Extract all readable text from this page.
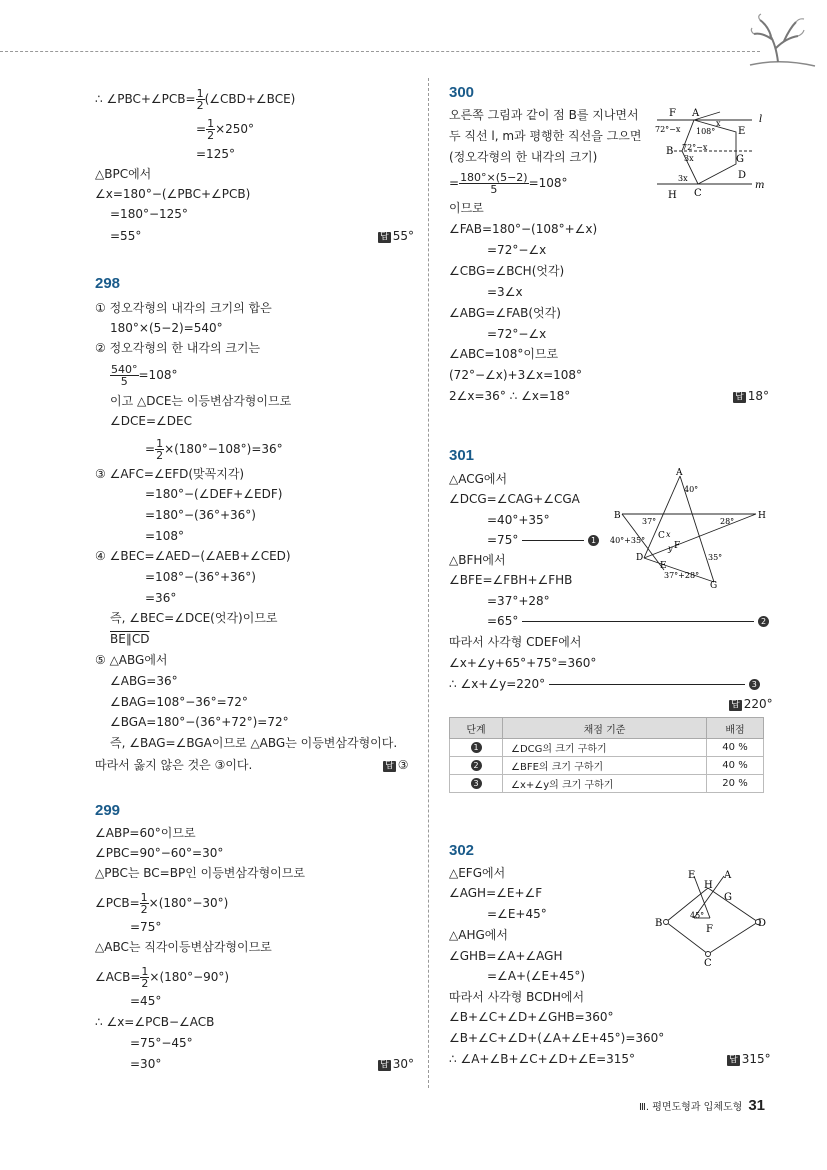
∴ ∠PBC+∠PCB= $\frac{1}{2}$ (∠CBD+∠BCE)
= $\frac{1}{2} \times 250^\circ$
=125°
△BPC에서
∠x=180°−(∠PBC+∠PCB)
=180°−125°
=55°	답 55°
298
① 정오각형의 내각의 크기의 합은
180°×(5−2)=540°
② 정오각형의 한 내각의 크기는
$\frac{540^\circ}{5} =108^\circ$
이고 △DCE는 이등변삼각형이므로
∠DCE=∠DEC
= $\frac{1}{2} \times(180^\circ-108^\circ)=36^\circ$
③ ∠AFC=∠EFD(맞꼭지각)
=180°−(∠DEF+∠EDF)
=180°−(36°+36°)
=108°
④ ∠BEC=∠AED−(∠AEB+∠CED)
=108°−(36°+36°)
=36°
즉, ∠BEC=∠DCE(엇각)이므로
BE∥CD
⑤ △ABG에서
∠ABG=36°
∠BAG=108°−36°=72°
∠BGA=180°−(36°+72°)=72°
즉, ∠BAG=∠BGA이므로 △ABG는 이등변삼각형이다.
따라서 옳지 않은 것은 ③이다.	답 ③
299
∠ABP=60°이므로
∠PBC=90°−60°=30°
△PBC는 BC=BP인 이등변삼각형이므로
∠PCB= $\frac{1}{2} \times(180^\circ-30^\circ)$
=75°
△ABC는 직각이등변삼각형이므로
∠ACB= $\frac{1}{2} \times(180^\circ-90^\circ)$
=45°
∴ ∠x=∠PCB−∠ACB
=75°−45°
=30°	답 30°
300
오른쪽 그림과 같이 점 B를 지나면서
두 직선 l, m과 평행한 직선을 그으면
(정오각형의 한 내각의 크기)
= $\frac{180^\circ\times(5-2)}{5} =108^\circ$
이므로
∠FAB=180°−(108°+∠x)
=72°−∠x
∠CBG=∠BCH(엇각)
=3∠x
∠ABG=∠FAB(엇각)
=72°−∠x
∠ABC=108°이므로
(72°−∠x)+3∠x=108°
2∠x=36° ∴ ∠x=18°	답 18°
F A
l
m
E
B
G
D
H C
72°−x 108°
72°−x
3x
3x
x
301
△ACG에서
∠DCG=∠CAG+∠CGA
=40°+35°
=75°	1
△BFH에서
∠BFE=∠FBH+∠FHB
=37°+28°
=65°	2
따라서 사각형 CDEF에서
∠x+∠y+65°+75°=360°
∴ ∠x+∠y=220°	3
답 220°
A
40°
B	H
37°	28°
C x
40°+35°
D
F
y
E
35°
37°+28°
G
단계	채점 기준	배점
1	∠DCG의 크기 구하기	40 %
2	∠BFE의 크기 구하기	40 %
3	∠x+∠y의 크기 구하기	20 %
302
△EFG에서
∠AGH=∠E+∠F
=∠E+45°
△AHG에서
∠GHB=∠A+∠AGH
=∠A+(∠E+45°)
따라서 사각형 BCDH에서
∠B+∠C+∠D+∠GHB=360°
∠B+∠C+∠D+(∠A+∠E+45°)=360°
∴ ∠A+∠B+∠C+∠D+∠E=315°	답 315°
E	A
H
G
B	D
45°
F
C
Ⅲ. 평면도형과 입체도형 31
